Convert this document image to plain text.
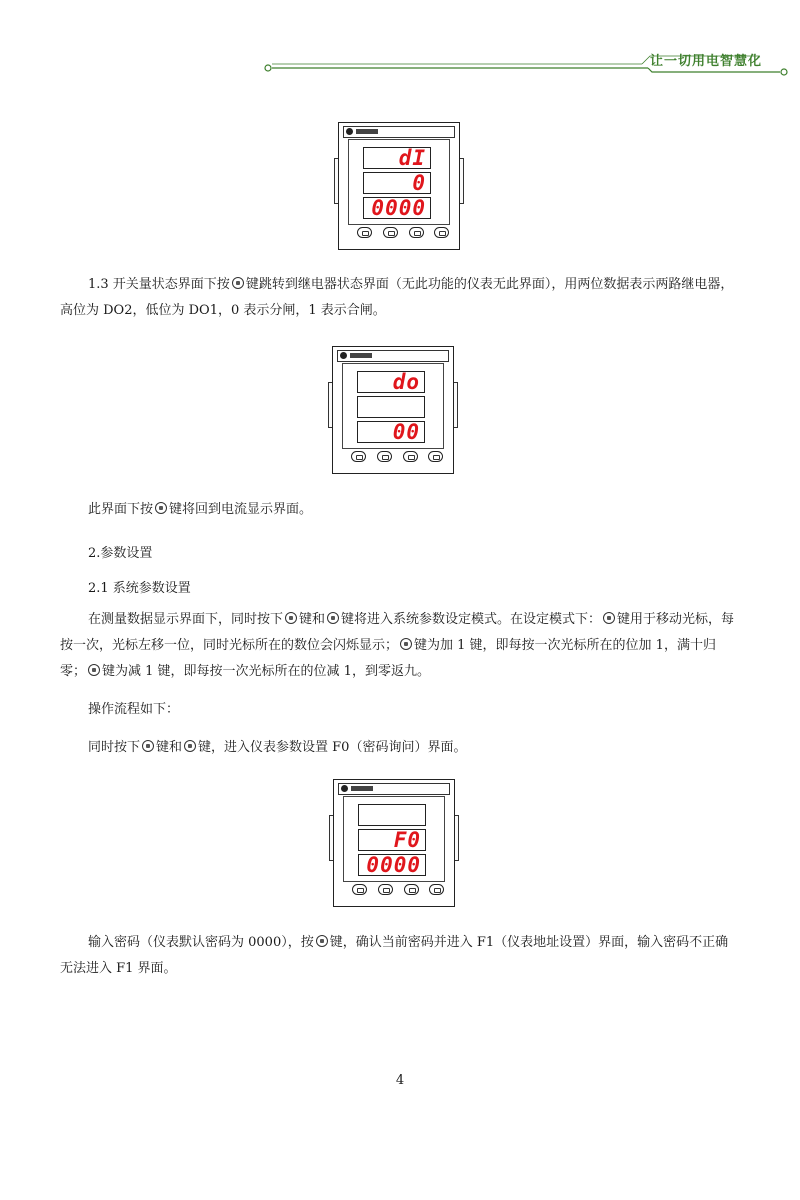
让一切用电智慧化
dI
0
0000

1.3 开关量状态界面下按 键跳转到继电器状态界面（无此功能的仪表无此界面），用两位数据表示两路继电器，高位为 DO2，低位为 DO1，0 表示分闸，1 表示合闸。

do
00

此界面下按 键将回到电流显示界面。

2.参数设置

2.1 系统参数设置

在测量数据显示界面下，同时按下 键和 键将进入系统参数设定模式。在设定模式下： 键用于移动光标，每按一次，光标左移一位，同时光标所在的数位会闪烁显示； 键为加 1 键，即每按一次光标所在的位加 1，满十归零； 键为减 1 键，即每按一次光标所在的位减 1，到零返九。

操作流程如下：

同时按下 键和 键，进入仪表参数设置 F0（密码询问）界面。

F0
0000

输入密码（仪表默认密码为 0000），按 键，确认当前密码并进入 F1（仪表地址设置）界面，输入密码不正确无法进入 F1 界面。

4
